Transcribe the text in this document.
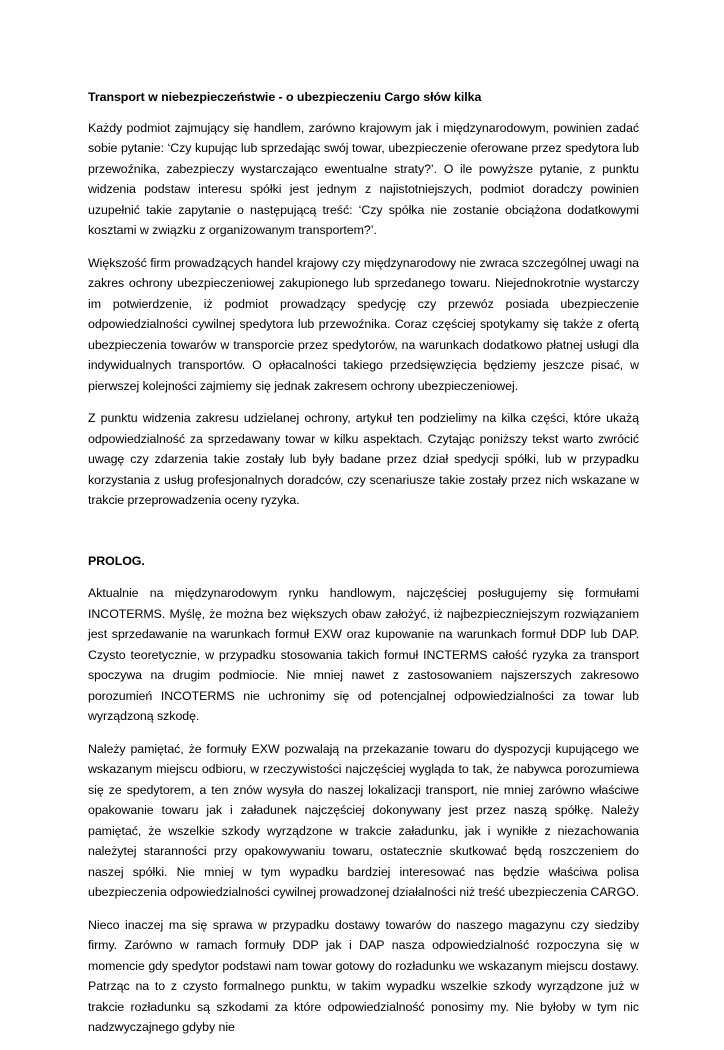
Transport w niebezpieczeństwie - o ubezpieczeniu Cargo słów kilka

Każdy podmiot zajmujący się handlem, zarówno krajowym jak i międzynarodowym, powinien zadać sobie pytanie: ‘Czy kupując lub sprzedając swój towar, ubezpieczenie oferowane przez spedytora lub przewoźnika, zabezpieczy wystarczająco ewentualne straty?’. O ile powyższe pytanie, z punktu widzenia podstaw interesu spółki jest jednym z najistotniejszych, podmiot doradczy powinien uzupełnić takie zapytanie o następującą treść: ‘Czy spółka nie zostanie obciążona dodatkowymi kosztami w związku z organizowanym transportem?’.

Większość firm prowadzących handel krajowy czy międzynarodowy nie zwraca szczególnej uwagi na zakres ochrony ubezpieczeniowej zakupionego lub sprzedanego towaru. Niejednokrotnie wystarczy im potwierdzenie, iż podmiot prowadzący spedycję czy przewóz posiada ubezpieczenie odpowiedzialności cywilnej spedytora lub przewoźnika. Coraz częściej spotykamy się także z ofertą ubezpieczenia towarów w transporcie przez spedytorów, na warunkach dodatkowo płatnej usługi dla indywidualnych transportów. O opłacalności takiego przedsięwzięcia będziemy jeszcze pisać, w pierwszej kolejności zajmiemy się jednak zakresem ochrony ubezpieczeniowej.

Z punktu widzenia zakresu udzielanej ochrony, artykuł ten podzielimy na kilka części, które ukażą odpowiedzialność za sprzedawany towar w kilku aspektach. Czytając poniższy tekst warto zwrócić uwagę czy zdarzenia takie zostały lub były badane przez dział spedycji spółki, lub w przypadku korzystania z usług profesjonalnych doradców, czy scenariusze takie zostały przez nich wskazane w trakcie przeprowadzenia oceny ryzyka.

PROLOG.

Aktualnie na międzynarodowym rynku handlowym, najczęściej posługujemy się formułami INCOTERMS. Myślę, że można bez większych obaw założyć, iż najbezpieczniejszym rozwiązaniem jest sprzedawanie na warunkach formuł EXW oraz kupowanie na warunkach formuł DDP lub DAP. Czysto teoretycznie, w przypadku stosowania takich formuł INCTERMS całość ryzyka za transport spoczywa na drugim podmiocie. Nie mniej nawet z zastosowaniem najszerszych zakresowo porozumień INCOTERMS nie uchronimy się od potencjalnej odpowiedzialności za towar lub wyrządzoną szkodę.

Należy pamiętać, że formuły EXW pozwalają na przekazanie towaru do dyspozycji kupującego we wskazanym miejscu odbioru, w rzeczywistości najczęściej wygląda to tak, że nabywca porozumiewa się ze spedytorem, a ten znów wysyła do naszej lokalizacji transport, nie mniej zarówno właściwe opakowanie towaru jak i załadunek najczęściej dokonywany jest przez naszą spółkę. Należy pamiętać, że wszelkie szkody wyrządzone w trakcie załadunku, jak i wynikłe z niezachowania należytej staranności przy opakowywaniu towaru, ostatecznie skutkować będą roszczeniem do naszej spółki. Nie mniej w tym wypadku bardziej interesować nas będzie właściwa polisa ubezpieczenia odpowiedzialności cywilnej prowadzonej działalności niż treść ubezpieczenia CARGO.

Nieco inaczej ma się sprawa w przypadku dostawy towarów do naszego magazynu czy siedziby firmy. Zarówno w ramach formuły DDP jak i DAP nasza odpowiedzialność rozpoczyna się w momencie gdy spedytor podstawi nam towar gotowy do rozładunku we wskazanym miejscu dostawy. Patrząc na to z czysto formalnego punktu, w takim wypadku wszelkie szkody wyrządzone już w trakcie rozładunku są szkodami za które odpowiedzialność ponosimy my. Nie byłoby w tym nic nadzwyczajnego gdyby nie
